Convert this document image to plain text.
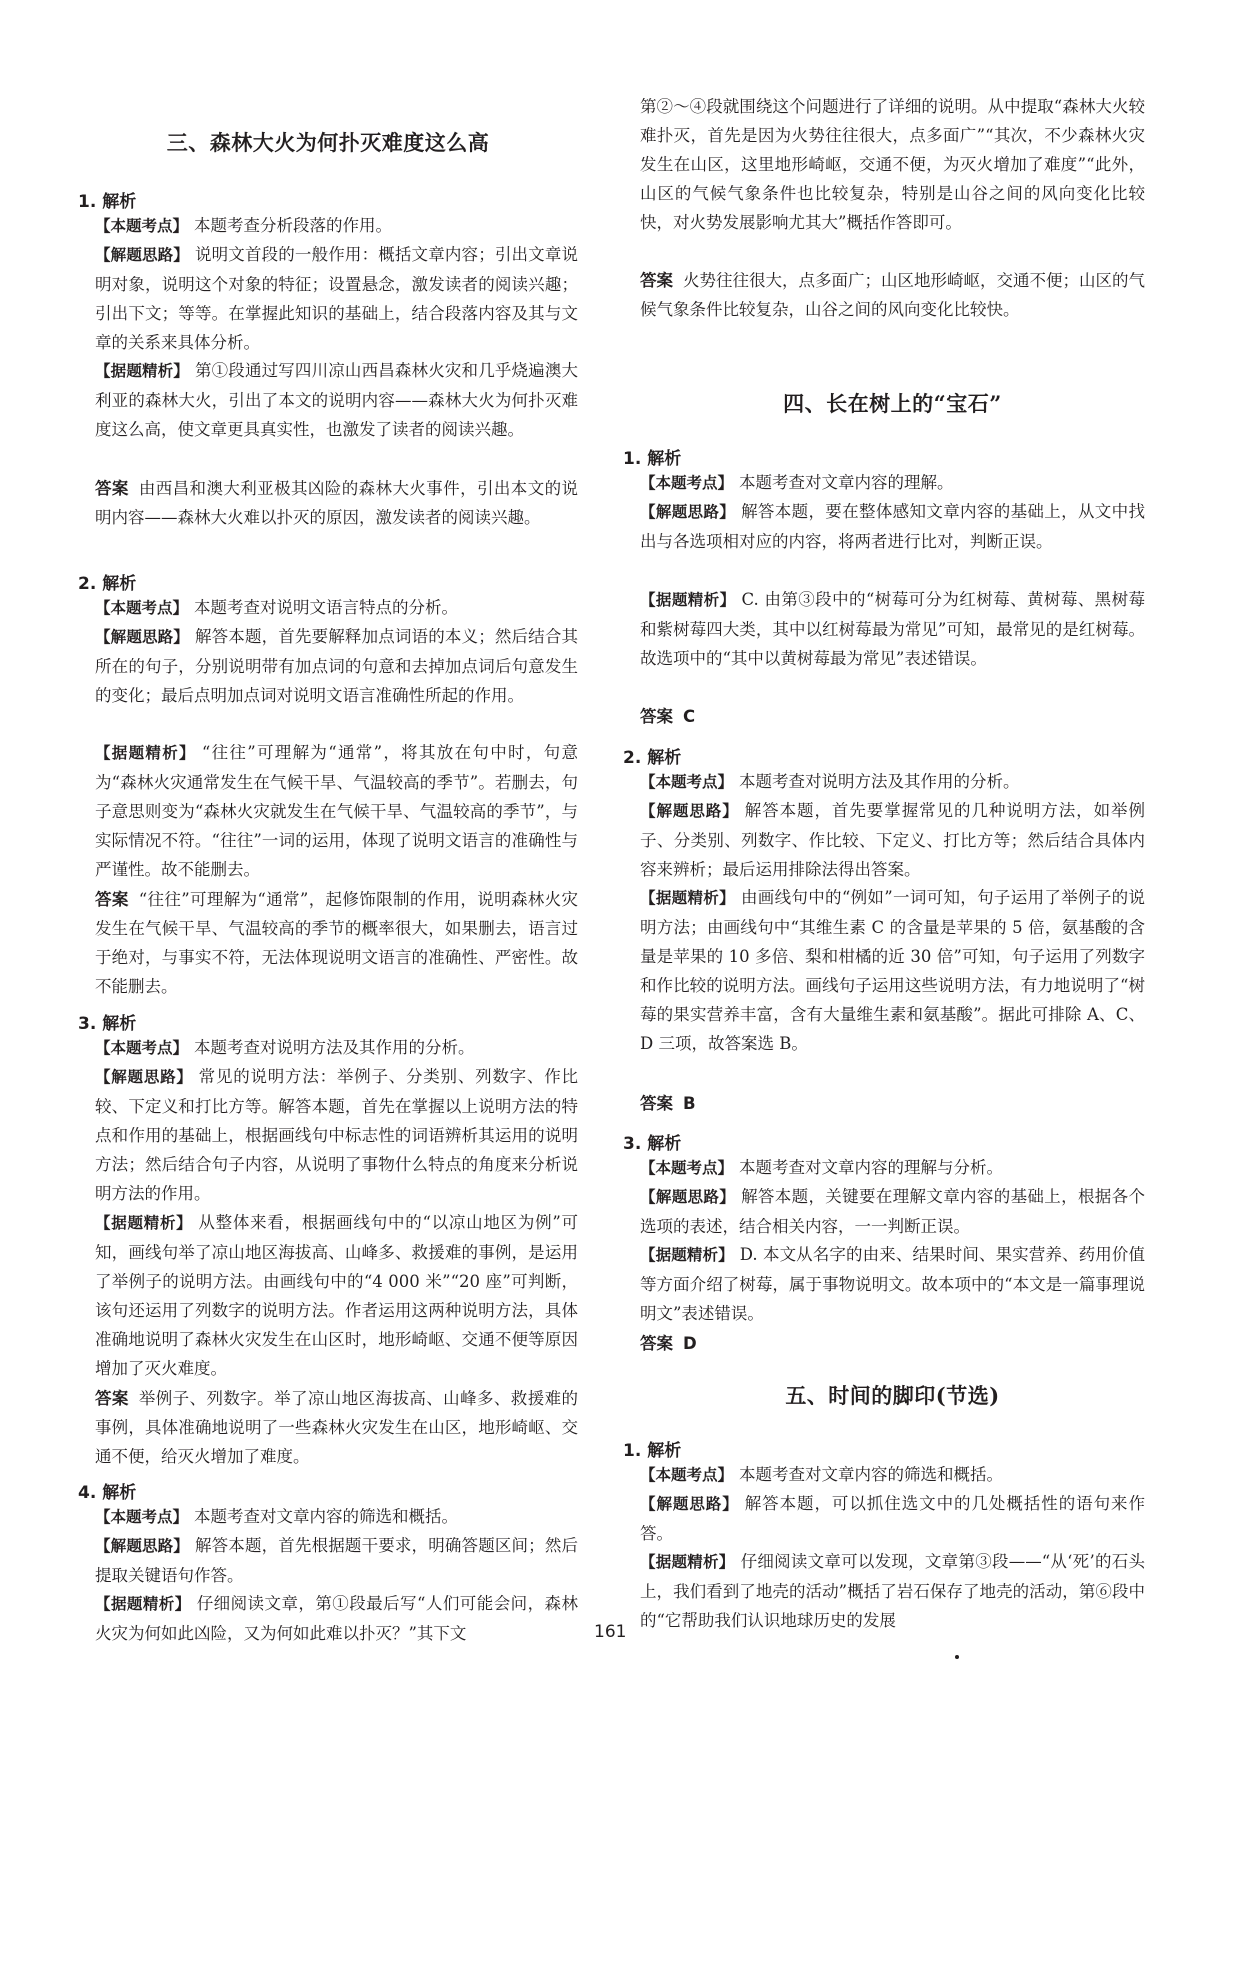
三、森林大火为何扑灭难度这么高
1. 解析

【本题考点】 本题考查分析段落的作用。

【解题思路】 说明文首段的一般作用：概括文章内容；引出文章说明对象，说明这个对象的特征；设置悬念，激发读者的阅读兴趣；引出下文；等等。在掌握此知识的基础上，结合段落内容及其与文章的关系来具体分析。

【据题精析】 第①段通过写四川凉山西昌森林火灾和几乎烧遍澳大利亚的森林大火，引出了本文的说明内容——森林大火为何扑灭难度这么高，使文章更具真实性，也激发了读者的阅读兴趣。

答案 由西昌和澳大利亚极其凶险的森林大火事件，引出本文的说明内容——森林大火难以扑灭的原因，激发读者的阅读兴趣。

2. 解析

【本题考点】 本题考查对说明文语言特点的分析。

【解题思路】 解答本题，首先要解释加点词语的本义；然后结合其所在的句子，分别说明带有加点词的句意和去掉加点词后句意发生的变化；最后点明加点词对说明文语言准确性所起的作用。

【据题精析】 “往往”可理解为“通常”，将其放在句中时，句意为“森林火灾通常发生在气候干旱、气温较高的季节”。若删去，句子意思则变为“森林火灾就发生在气候干旱、气温较高的季节”，与实际情况不符。“往往”一词的运用，体现了说明文语言的准确性与严谨性。故不能删去。

答案 “往往”可理解为“通常”，起修饰限制的作用，说明森林火灾发生在气候干旱、气温较高的季节的概率很大，如果删去，语言过于绝对，与事实不符，无法体现说明文语言的准确性、严密性。故不能删去。

3. 解析

【本题考点】 本题考查对说明方法及其作用的分析。

【解题思路】 常见的说明方法：举例子、分类别、列数字、作比较、下定义和打比方等。解答本题，首先在掌握以上说明方法的特点和作用的基础上，根据画线句中标志性的词语辨析其运用的说明方法；然后结合句子内容，从说明了事物什么特点的角度来分析说明方法的作用。

【据题精析】 从整体来看，根据画线句中的“以凉山地区为例”可知，画线句举了凉山地区海拔高、山峰多、救援难的事例，是运用了举例子的说明方法。由画线句中的“4 000 米”“20 座”可判断，该句还运用了列数字的说明方法。作者运用这两种说明方法，具体准确地说明了森林火灾发生在山区时，地形崎岖、交通不便等原因增加了灭火难度。

答案 举例子、列数字。举了凉山地区海拔高、山峰多、救援难的事例，具体准确地说明了一些森林火灾发生在山区，地形崎岖、交通不便，给灭火增加了难度。

4. 解析

【本题考点】 本题考查对文章内容的筛选和概括。

【解题思路】 解答本题，首先根据题干要求，明确答题区间；然后提取关键语句作答。

【据题精析】 仔细阅读文章，第①段最后写“人们可能会问，森林火灾为何如此凶险，又为何如此难以扑灭？”其下文

第②～④段就围绕这个问题进行了详细的说明。从中提取“森林大火较难扑灭，首先是因为火势往往很大，点多面广”“其次，不少森林火灾发生在山区，这里地形崎岖，交通不便，为灭火增加了难度”“此外，山区的气候气象条件也比较复杂，特别是山谷之间的风向变化比较快，对火势发展影响尤其大”概括作答即可。

答案 火势往往很大，点多面广；山区地形崎岖，交通不便；山区的气候气象条件比较复杂，山谷之间的风向变化比较快。

四、长在树上的“宝石”
1. 解析

【本题考点】 本题考查对文章内容的理解。

【解题思路】 解答本题，要在整体感知文章内容的基础上，从文中找出与各选项相对应的内容，将两者进行比对，判断正误。

【据题精析】 C. 由第③段中的“树莓可分为红树莓、黄树莓、黑树莓和紫树莓四大类，其中以红树莓最为常见”可知，最常见的是红树莓。故选项中的“其中以黄树莓最为常见”表述错误。

答案 C

2. 解析

【本题考点】 本题考查对说明方法及其作用的分析。

【解题思路】 解答本题，首先要掌握常见的几种说明方法，如举例子、分类别、列数字、作比较、下定义、打比方等；然后结合具体内容来辨析；最后运用排除法得出答案。

【据题精析】 由画线句中的“例如”一词可知，句子运用了举例子的说明方法；由画线句中“其维生素 C 的含量是苹果的 5 倍，氨基酸的含量是苹果的 10 多倍、梨和柑橘的近 30 倍”可知，句子运用了列数字和作比较的说明方法。画线句子运用这些说明方法，有力地说明了“树莓的果实营养丰富，含有大量维生素和氨基酸”。据此可排除 A、C、D 三项，故答案选 B。

答案 B

3. 解析

【本题考点】 本题考查对文章内容的理解与分析。

【解题思路】 解答本题，关键要在理解文章内容的基础上，根据各个选项的表述，结合相关内容，一一判断正误。

【据题精析】 D. 本文从名字的由来、结果时间、果实营养、药用价值等方面介绍了树莓，属于事物说明文。故本项中的“本文是一篇事理说明文”表述错误。

答案 D

五、时间的脚印(节选)
1. 解析

【本题考点】 本题考查对文章内容的筛选和概括。

【解题思路】 解答本题，可以抓住选文中的几处概括性的语句来作答。

【据题精析】 仔细阅读文章可以发现，文章第③段——“从‘死’的石头上，我们看到了地壳的活动”概括了岩石保存了地壳的活动，第⑥段中的“它帮助我们认识地球历史的发展

161
